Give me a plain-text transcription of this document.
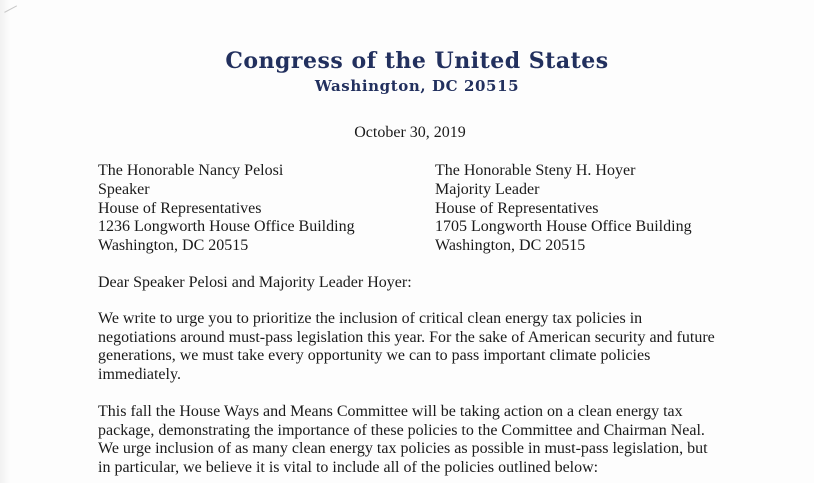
Congress of the United States
Washington, DC 20515
October 30, 2019
The Honorable Nancy Pelosi
Speaker
House of Representatives
1236 Longworth House Office Building
Washington, DC 20515
The Honorable Steny H. Hoyer
Majority Leader
House of Representatives
1705 Longworth House Office Building
Washington, DC 20515
Dear Speaker Pelosi and Majority Leader Hoyer:
We write to urge you to prioritize the inclusion of critical clean energy tax policies in
negotiations around must-pass legislation this year. For the sake of American security and future
generations, we must take every opportunity we can to pass important climate policies
immediately.
This fall the House Ways and Means Committee will be taking action on a clean energy tax
package, demonstrating the importance of these policies to the Committee and Chairman Neal.
We urge inclusion of as many clean energy tax policies as possible in must-pass legislation, but
in particular, we believe it is vital to include all of the policies outlined below:
